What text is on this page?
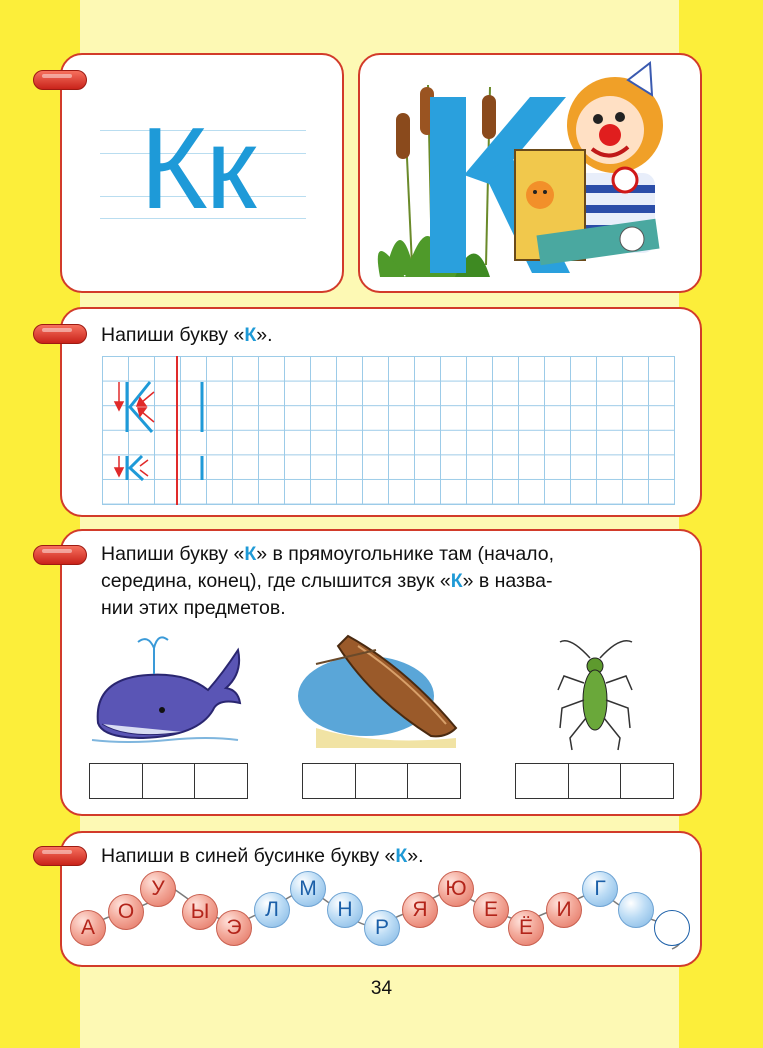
Кк

Напиши букву «К».

Напиши букву «К» в прямоугольнике там (начало,
середина, конец), где слышится звук «К» в назва-
нии этих предметов.

Напиши в синей бусинке букву «К».

А
О
У
Ы
Э
Л
М
Н
Р
Я
Ю
Е
Ё
И
Г
34
